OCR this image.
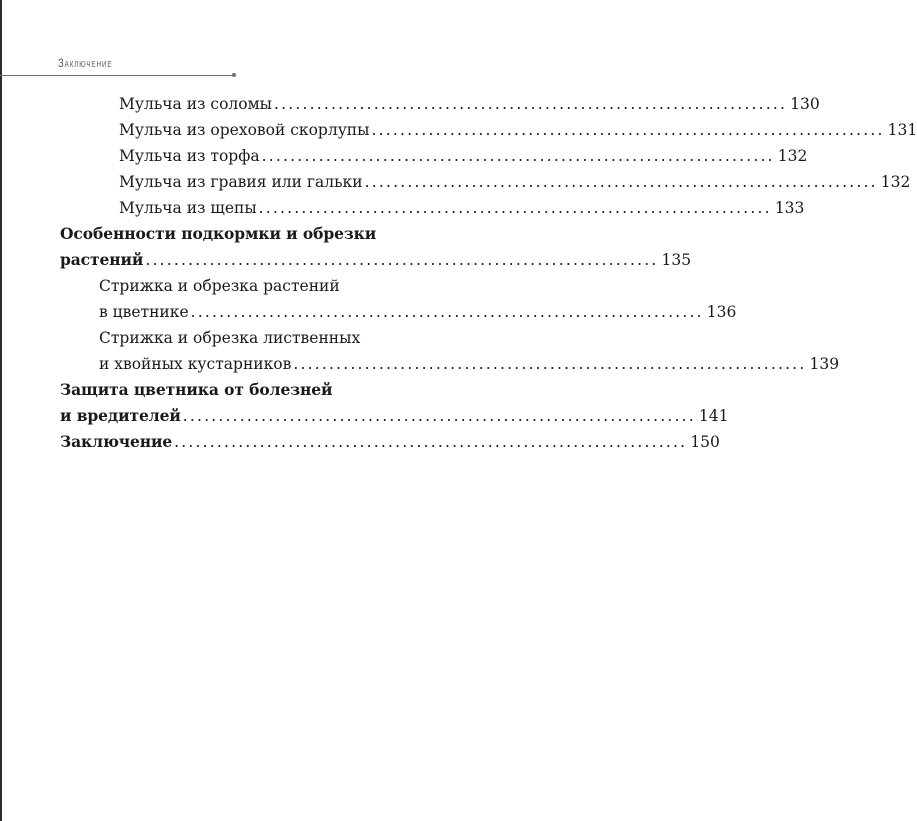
Заключение
Мульча из соломы ........................................................................ 130
Мульча из ореховой скорлупы ........................................................................ 131
Мульча из торфа ........................................................................ 132
Мульча из гравия или гальки ........................................................................ 132
Мульча из щепы ........................................................................ 133
Особенности подкормки и обрезки
растений ........................................................................ 135
Стрижка и обрезка растений
в цветнике ........................................................................ 136
Стрижка и обрезка лиственных
и хвойных кустарников ........................................................................ 139
Защита цветника от болезней
и вредителей ........................................................................ 141
Заключение ........................................................................ 150
